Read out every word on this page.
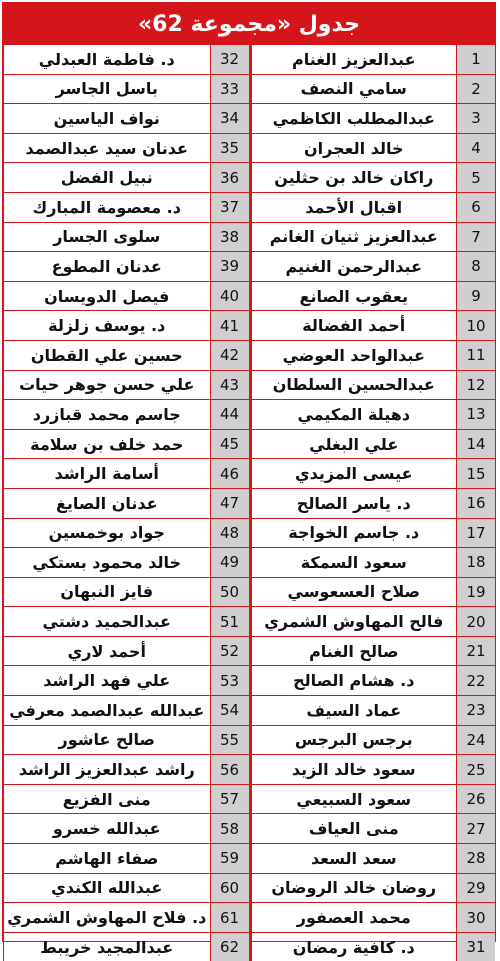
جدول «مجموعة 62»
1	عبدالعزيز الغنام	32	د. فاطمة العبدلي
2	سامي النصف	33	باسل الجاسر
3	عبدالمطلب الكاظمي	34	نواف الياسين
4	خالد العجران	35	عدنان سيد عبدالصمد
5	راكان خالد بن حثلين	36	نبيل الفضل
6	اقبال الأحمد	37	د. معصومة المبارك
7	عبدالعزيز ثنيان الغانم	38	سلوى الجسار
8	عبدالرحمن الغنيم	39	عدنان المطوع
9	يعقوب الصانع	40	فيصل الدويسان
10	أحمد الفضالة	41	د. يوسف زلزلة
11	عبدالواحد العوضي	42	حسين علي القطان
12	عبدالحسين السلطان	43	علي حسن جوهر حيات
13	دهيلة المكيمي	44	جاسم محمد قبازرد
14	علي البغلي	45	حمد خلف بن سلامة
15	عيسى المزيدي	46	أسامة الراشد
16	د. ياسر الصالح	47	عدنان الصايغ
17	د. جاسم الخواجة	48	جواد بوخمسين
18	سعود السمكة	49	خالد محمود بستكي
19	صلاح العسعوسي	50	فايز النبهان
20	فالح المهاوش الشمري	51	عبدالحميد دشتي
21	صالح الغنام	52	أحمد لاري
22	د. هشام الصالح	53	علي فهد الراشد
23	عماد السيف	54	عبدالله عبدالصمد معرفي
24	برجس البرجس	55	صالح عاشور
25	سعود خالد الزيد	56	راشد عبدالعزيز الراشد
26	سعود السبيعي	57	منى الفزيع
27	منى العياف	58	عبدالله خسرو
28	سعد السعد	59	صفاء الهاشم
29	روضان خالد الروضان	60	عبدالله الكندي
30	محمد العصفور	61	د. فلاح المهاوش الشمري
31	د. كافية رمضان	62	عبدالمجيد خريبط
